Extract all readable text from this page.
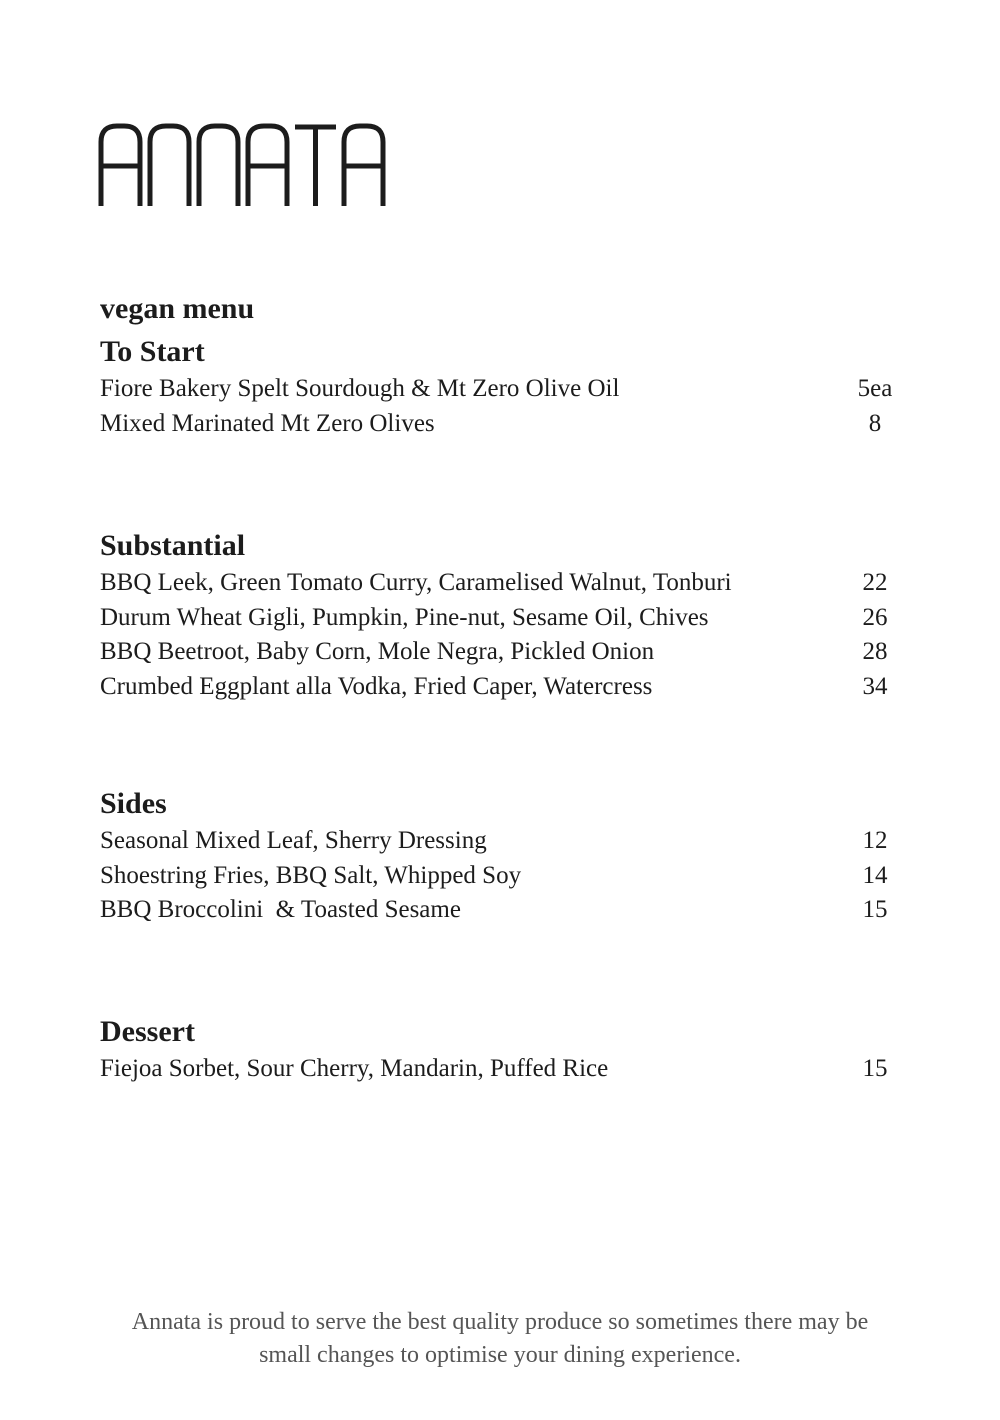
vegan menu
To Start
Fiore Bakery Spelt Sourdough & Mt Zero Olive Oil	5ea
Mixed Marinated Mt Zero Olives	8
Substantial
BBQ Leek, Green Tomato Curry, Caramelised Walnut, Tonburi	22
Durum Wheat Gigli, Pumpkin, Pine-nut, Sesame Oil, Chives	26
BBQ Beetroot, Baby Corn, Mole Negra, Pickled Onion	28
Crumbed Eggplant alla Vodka, Fried Caper, Watercress	34
Sides
Seasonal Mixed Leaf, Sherry Dressing	12
Shoestring Fries, BBQ Salt, Whipped Soy	14
BBQ Broccolini  & Toasted Sesame	15
Dessert
Fiejoa Sorbet, Sour Cherry, Mandarin, Puffed Rice	15
Annata is proud to serve the best quality produce so sometimes there may be
small changes to optimise your dining experience.
